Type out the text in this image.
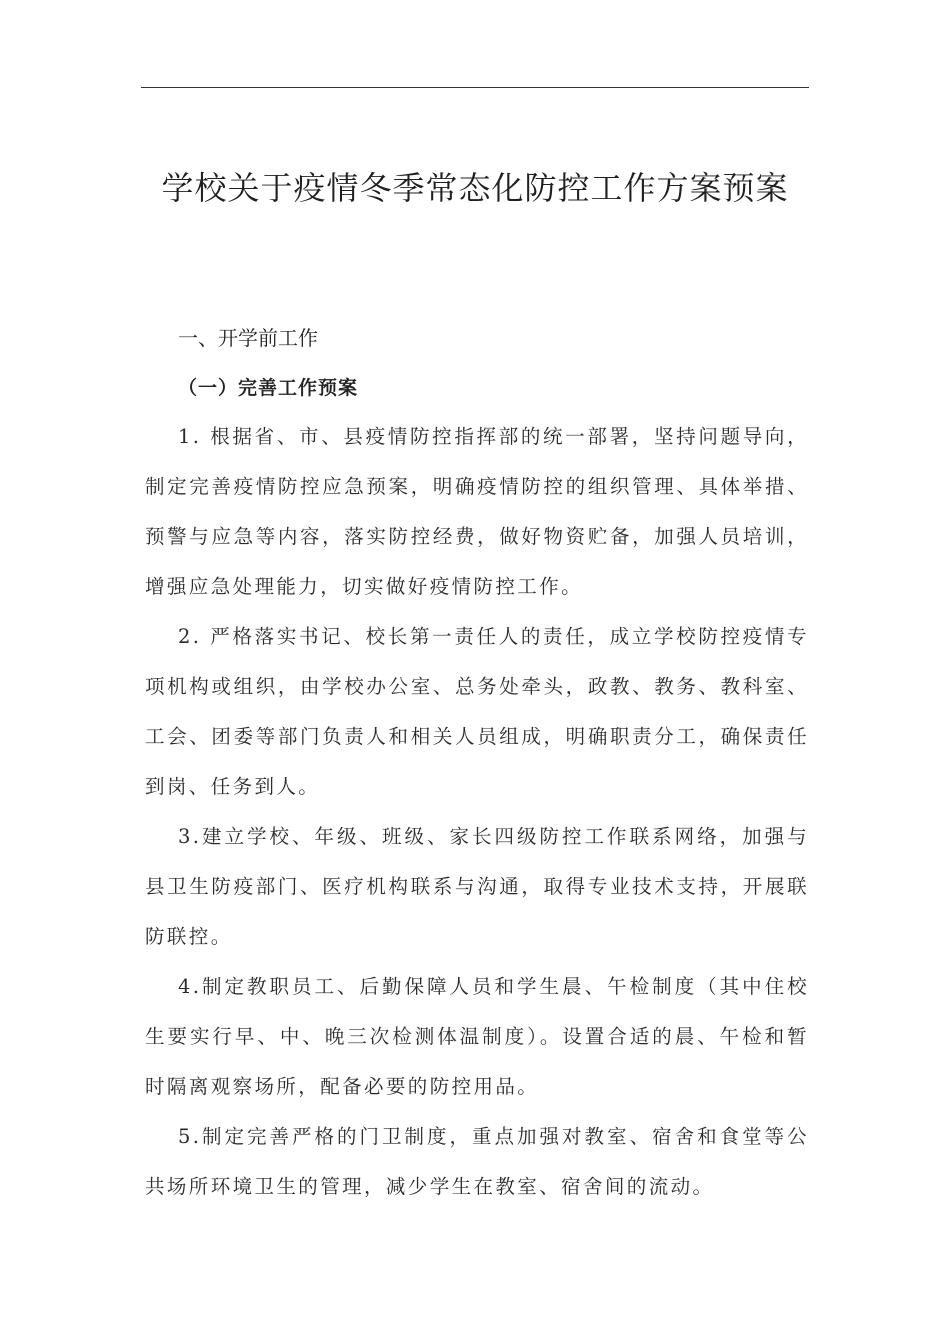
学校关于疫情冬季常态化防控工作方案预案
一、开学前工作
（一）完善工作预案

1. 根据省、市、县疫情防控指挥部的统一部署，坚持问题导向，制定完善疫情防控应急预案，明确疫情防控的组织管理、具体举措、预警与应急等内容，落实防控经费，做好物资贮备，加强人员培训，增强应急处理能力，切实做好疫情防控工作。

2. 严格落实书记、校长第一责任人的责任，成立学校防控疫情专项机构或组织，由学校办公室、总务处牵头，政教、教务、教科室、工会、团委等部门负责人和相关人员组成，明确职责分工，确保责任到岗、任务到人。

3.建立学校、年级、班级、家长四级防控工作联系网络，加强与县卫生防疫部门、医疗机构联系与沟通，取得专业技术支持，开展联防联控。

4.制定教职员工、后勤保障人员和学生晨、午检制度（其中住校生要实行早、中、晚三次检测体温制度）。设置合适的晨、午检和暂时隔离观察场所，配备必要的防控用品。

5.制定完善严格的门卫制度，重点加强对教室、宿舍和食堂等公共场所环境卫生的管理，减少学生在教室、宿舍间的流动。
